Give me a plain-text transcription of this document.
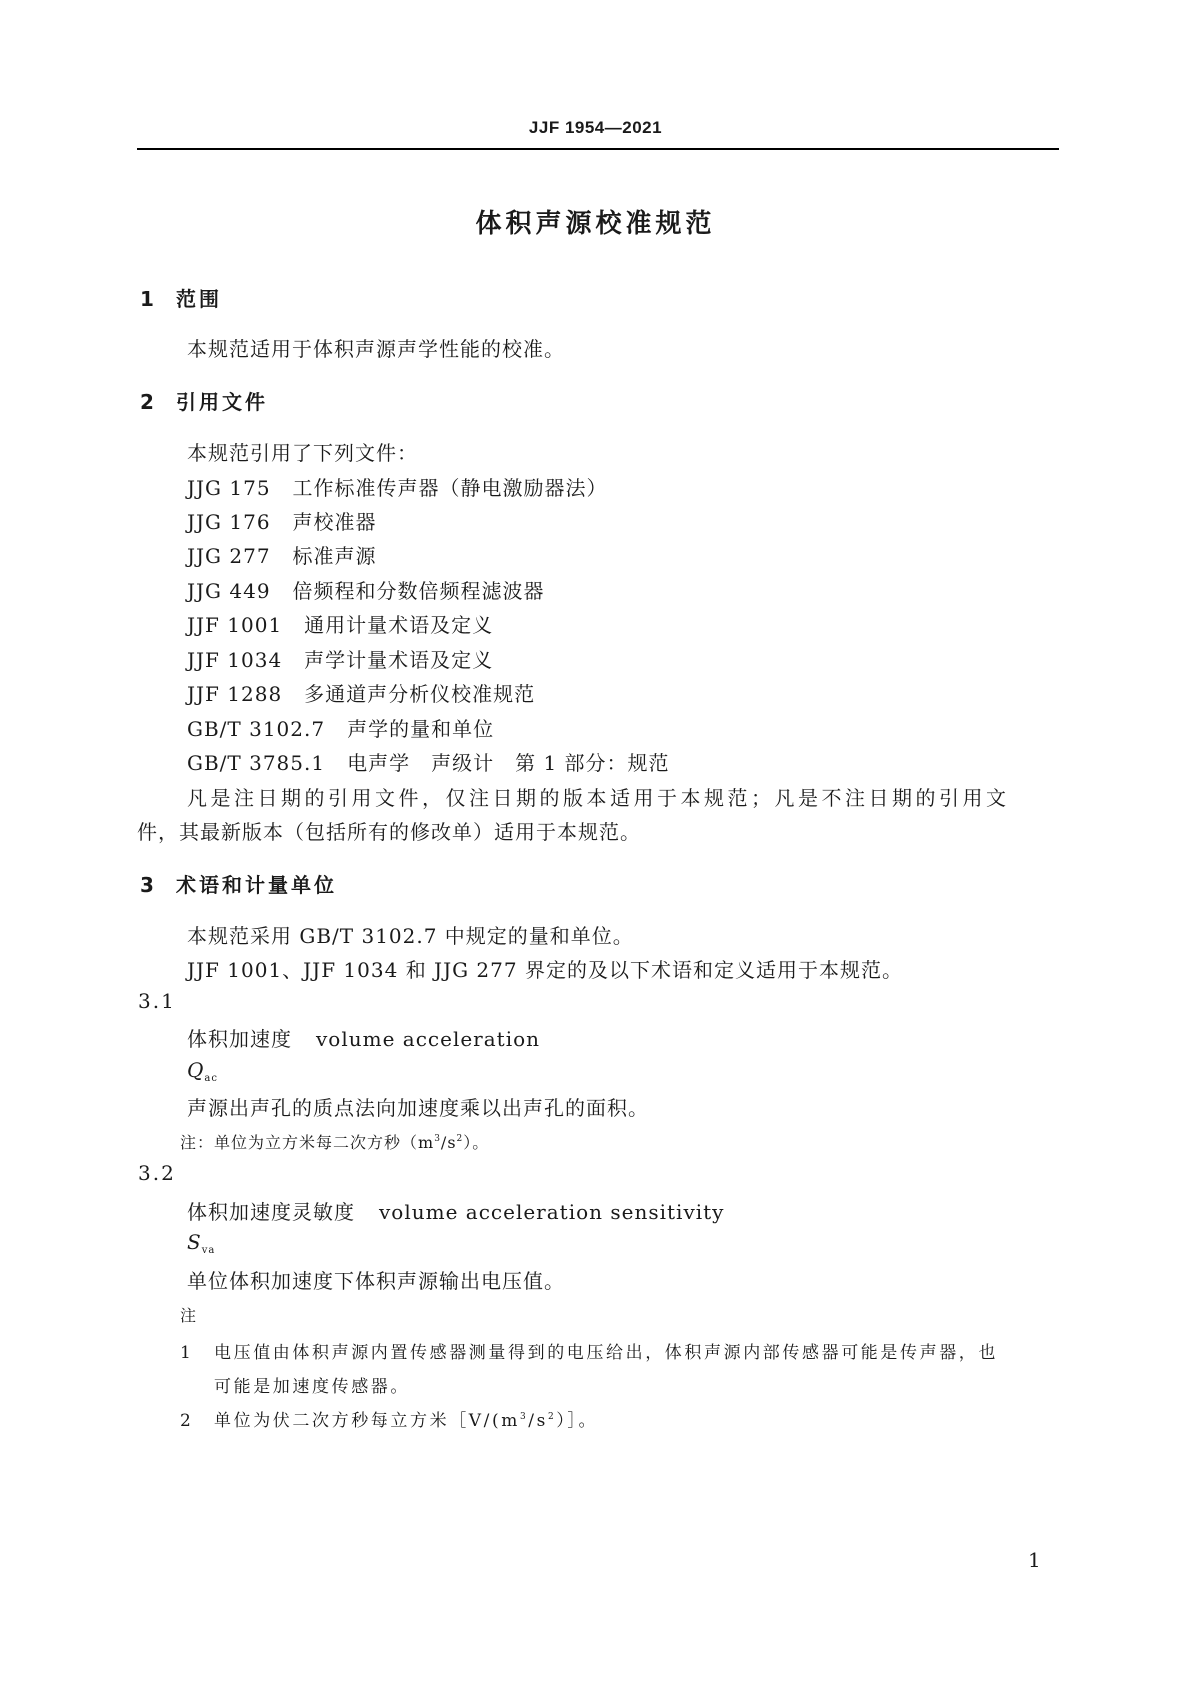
JJF 1954—2021
体积声源校准规范
1 范围
本规范适用于体积声源声学性能的校准。
2 引用文件
本规范引用了下列文件：
JJG 175 工作标准传声器（静电激励器法）
JJG 176 声校准器
JJG 277 标准声源
JJG 449 倍频程和分数倍频程滤波器
JJF 1001 通用计量术语及定义
JJF 1034 声学计量术语及定义
JJF 1288 多通道声分析仪校准规范
GB/T 3102.7 声学的量和单位
GB/T 3785.1 电声学　声级计　第 1 部分：规范
凡是注日期的引用文件，仅注日期的版本适用于本规范；凡是不注日期的引用文
件，其最新版本（包括所有的修改单）适用于本规范。
3 术语和计量单位
本规范采用 GB/T 3102.7 中规定的量和单位。
JJF 1001、JJF 1034 和 JJG 277 界定的及以下术语和定义适用于本规范。
3.1
体积加速度 volume acceleration
$Q_{ac}$
声源出声孔的质点法向加速度乘以出声孔的面积。
注：单位为立方米每二次方秒$(m^3/s^2)$。
3.2
体积加速度灵敏度 volume acceleration sensitivity
$S_{va}$
单位体积加速度下体积声源输出电压值。
注
1 电压值由体积声源内置传感器测量得到的电压给出，体积声源内部传感器可能是传声器，也
可能是加速度传感器。
2 单位为伏二次方秒每立方米$[V/(m^3/s^2)]$。
1
